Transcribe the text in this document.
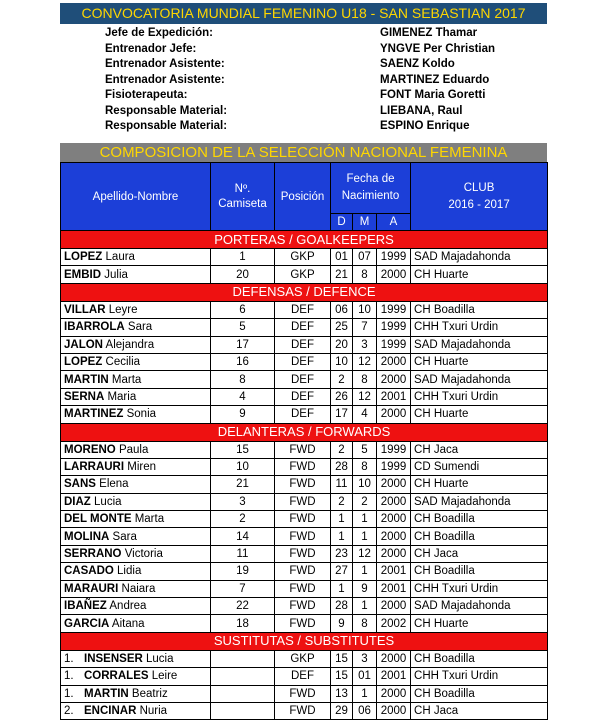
CONVOCATORIA MUNDIAL FEMENINO U18 - SAN SEBASTIAN 2017
Jefe de Expedición:	GIMENEZ Thamar
Entrenador Jefe:	YNGVE Per Christian
Entrenador Asistente:	SAENZ Koldo
Entrenador Asistente:	MARTINEZ Eduardo
Fisioterapeuta:	FONT Maria Goretti
Responsable Material:	LIEBANA, Raul
Responsable Material:	ESPINO Enrique
COMPOSICION DE LA SELECCIÓN NACIONAL FEMENINA
Apellido-Nombre	Nº. Camiseta	Posición	Fecha de Nacimiento			CLUB
2016 - 2017

			D	M	A	
PORTERAS / GOALKEEPERS						
LOPEZ Laura	1	GKP	01	07	1999	SAD Majadahonda
EMBID Julia	20	GKP	21	8	2000	CH Huarte
DEFENSAS / DEFENCE						
VILLAR Leyre	6	DEF	06	10	1999	CH Boadilla
IBARROLA Sara	5	DEF	25	7	1999	CHH Txuri Urdin
JALON Alejandra	17	DEF	20	3	1999	SAD Majadahonda
LOPEZ Cecilia	16	DEF	10	12	2000	CH Huarte
MARTIN Marta	8	DEF	2	8	2000	SAD Majadahonda
SERNA Maria	4	DEF	26	12	2001	CHH Txuri Urdin
MARTINEZ Sonia	9	DEF	17	4	2000	CH Huarte
DELANTERAS / FORWARDS						
MORENO Paula	15	FWD	2	5	1999	CH Jaca
LARRAURI Miren	10	FWD	28	8	1999	CD Sumendi
SANS Elena	21	FWD	11	10	2000	CH Huarte
DIAZ Lucia	3	FWD	2	2	2000	SAD Majadahonda
DEL MONTE Marta	2	FWD	1	1	2000	CH Boadilla
MOLINA Sara	14	FWD	1	1	2000	CH Boadilla
SERRANO Victoria	11	FWD	23	12	2000	CH Jaca
CASADO Lidia	19	FWD	27	1	2001	CH Boadilla
MARAURI Naiara	7	FWD	1	9	2001	CHH Txuri Urdin
IBAÑEZ Andrea	22	FWD	28	1	2000	SAD Majadahonda
GARCIA Aitana	18	FWD	9	8	2002	CH Huarte
SUSTITUTAS / SUBSTITUTES						
1. INSENSER Lucia		GKP	15	3	2000	CH Boadilla
1. CORRALES Leire		DEF	15	01	2001	CHH Txuri Urdin
1. MARTIN Beatriz		FWD	13	1	2000	CH Boadilla
2. ENCINAR Nuria		FWD	29	06	2000	CH Jaca
